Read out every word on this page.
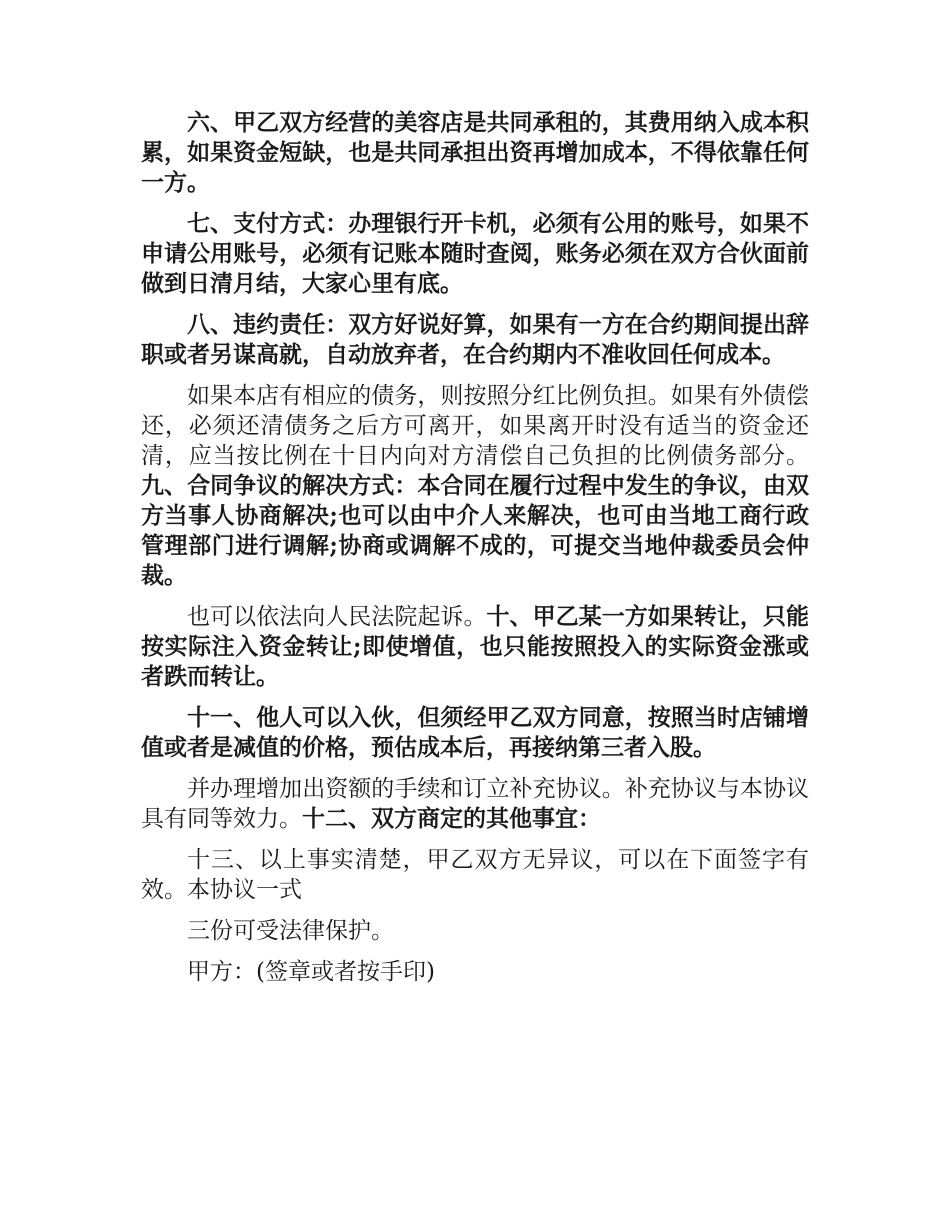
六、甲乙双方经营的美容店是共同承租的，其费用纳入成本积累，如果资金短缺，也是共同承担出资再增加成本，不得依靠任何一方。

七、支付方式：办理银行开卡机，必须有公用的账号，如果不申请公用账号，必须有记账本随时查阅，账务必须在双方合伙面前做到日清月结，大家心里有底。

八、违约责任：双方好说好算，如果有一方在合约期间提出辞职或者另谋高就，自动放弃者，在合约期内不准收回任何成本。

如果本店有相应的债务，则按照分红比例负担。如果有外债偿还，必须还清债务之后方可离开，如果离开时没有适当的资金还清，应当按比例在十日内向对方清偿自己负担的比例债务部分。九、合同争议的解决方式：本合同在履行过程中发生的争议，由双方当事人协商解决;也可以由中介人来解决，也可由当地工商行政管理部门进行调解;协商或调解不成的，可提交当地仲裁委员会仲裁。

也可以依法向人民法院起诉。十、甲乙某一方如果转让，只能按实际注入资金转让;即使增值，也只能按照投入的实际资金涨或者跌而转让。

十一、他人可以入伙，但须经甲乙双方同意，按照当时店铺增值或者是减值的价格，预估成本后，再接纳第三者入股。

并办理增加出资额的手续和订立补充协议。补充协议与本协议具有同等效力。十二、双方商定的其他事宜：

十三、以上事实清楚，甲乙双方无异议，可以在下面签字有效。本协议一式

三份可受法律保护。

甲方：(签章或者按手印)
